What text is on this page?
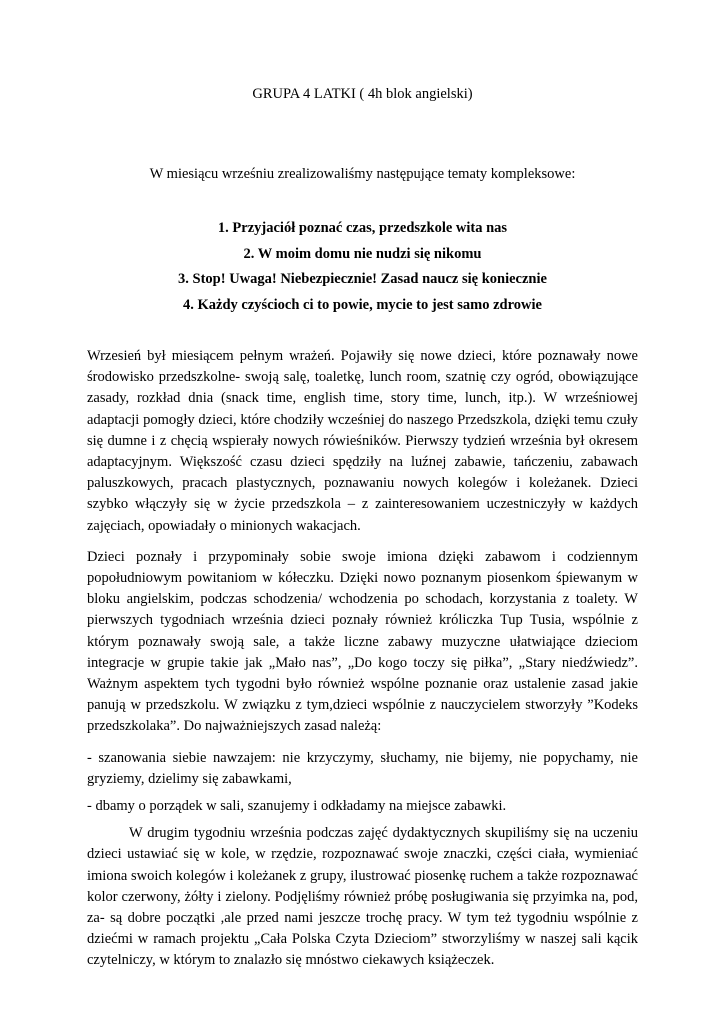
GRUPA 4 LATKI ( 4h blok angielski)
W miesiącu wrześniu zrealizowaliśmy następujące tematy kompleksowe:
1. Przyjaciół poznać czas, przedszkole wita nas
2. W moim domu nie nudzi się nikomu
3. Stop! Uwaga! Niebezpiecznie! Zasad naucz się koniecznie
4. Każdy czyścioch ci to powie, mycie to jest samo zdrowie

Wrzesień był miesiącem pełnym wrażeń. Pojawiły się nowe dzieci, które poznawały nowe środowisko przedszkolne- swoją salę, toaletkę, lunch room, szatnię czy ogród, obowiązujące zasady, rozkład dnia (snack time, english time, story time, lunch, itp.). W wrześniowej adaptacji pomogły dzieci, które chodziły wcześniej do naszego Przedszkola, dzięki temu czuły się dumne i z chęcią wspierały nowych rówieśników. Pierwszy tydzień września był okresem adaptacyjnym. Większość czasu dzieci spędziły na luźnej zabawie, tańczeniu, zabawach paluszkowych, pracach plastycznych, poznawaniu nowych kolegów i koleżanek. Dzieci szybko włączyły się w życie przedszkola – z zainteresowaniem uczestniczyły w każdych zajęciach, opowiadały o minionych wakacjach.

Dzieci poznały i przypominały sobie swoje imiona dzięki zabawom i codziennym popołudniowym powitaniom w kółeczku. Dzięki nowo poznanym piosenkom śpiewanym w bloku angielskim, podczas schodzenia/ wchodzenia po schodach, korzystania z toalety. W pierwszych tygodniach września dzieci poznały również króliczka Tup Tusia, wspólnie z którym poznawały swoją sale, a także liczne zabawy muzyczne ułatwiające dzieciom integracje w grupie takie jak „Mało nas”, „Do kogo toczy się piłka”, „Stary niedźwiedz”. Ważnym aspektem tych tygodni było również wspólne poznanie oraz ustalenie zasad jakie panują w przedszkolu. W związku z tym,dzieci wspólnie z nauczycielem stworzyły ”Kodeks przedszkolaka”. Do najważniejszych zasad należą:

- szanowania siebie nawzajem: nie krzyczymy, słuchamy, nie bijemy, nie popychamy, nie gryziemy, dzielimy się zabawkami,

- dbamy o porządek w sali, szanujemy i odkładamy na miejsce zabawki.

W drugim tygodniu września podczas zajęć dydaktycznych skupiliśmy się na uczeniu dzieci ustawiać się w kole, w rzędzie, rozpoznawać swoje znaczki, części ciała, wymieniać imiona swoich kolegów i koleżanek z grupy, ilustrować piosenkę ruchem a także rozpoznawać kolor czerwony, żółty i zielony. Podjęliśmy również próbę posługiwania się przyimka na, pod, za- są dobre początki ,ale przed nami jeszcze trochę pracy. W tym też tygodniu wspólnie z dziećmi w ramach projektu „Cała Polska Czyta Dzieciom” stworzyliśmy w naszej sali kącik czytelniczy, w którym to znalazło się mnóstwo ciekawych książeczek.
